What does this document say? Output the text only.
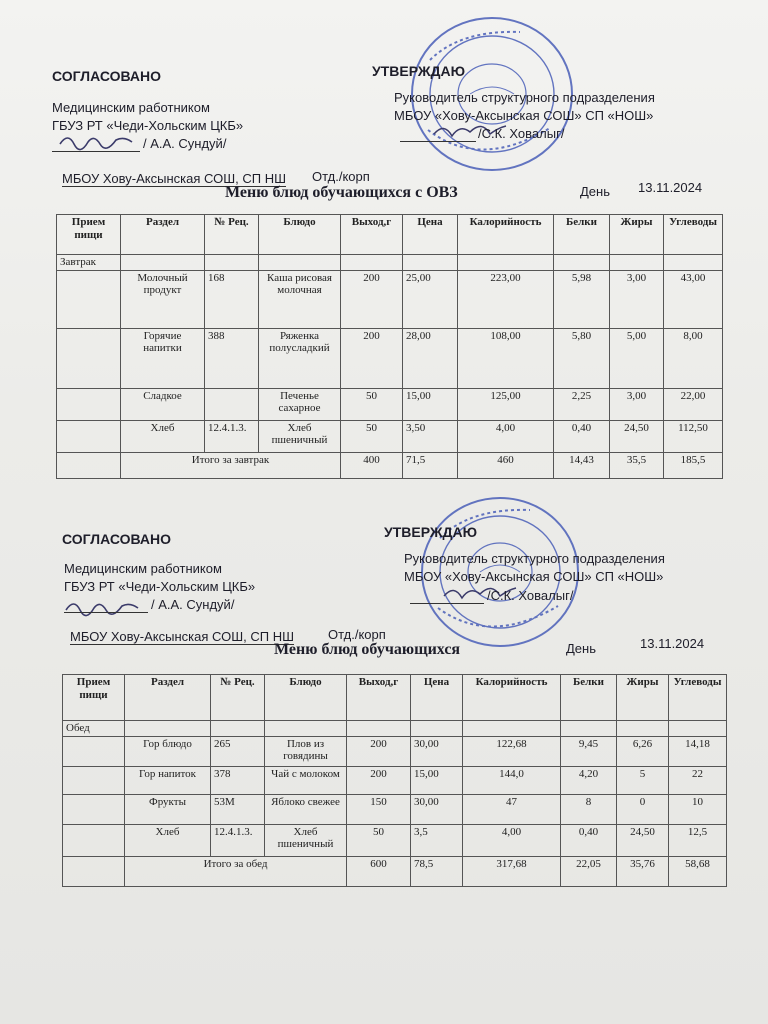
СОГЛАСОВАНО	УТВЕРЖДАЮ
Медицинским работником
ГБУЗ РТ «Чеди-Хольским ЦКБ»
/ А.А. Сундуй/
Руководитель структурного подразделения
МБОУ «Хову-Аксынская СОШ» СП «НОШ»
/С.К. Ховалыг/
МБОУ Хову-Аксынская СОШ, СП НШ Отд./корп
Меню блюд обучающихся с ОВЗ	День 13.11.2024
Прием пищи	Раздел	№ Рец.	Блюдо	Выход,г	Цена	Калорийность	Белки	Жиры	Углеводы
Завтрак									
	Молочный продукт	168	Каша рисовая молочная	200	25,00	223,00	5,98	3,00	43,00
	Горячие напитки	388	Ряженка полусладкий	200	28,00	108,00	5,80	5,00	8,00
	Сладкое		Печенье сахарное	50	15,00	125,00	2,25	3,00	22,00
	Хлеб	12.4.1.3.	Хлеб пшеничный	50	3,50	4,00	0,40	24,50	112,50
	Итого за завтрак			400	71,5	460	14,43	35,5	185,5
СОГЛАСОВАНО	УТВЕРЖДАЮ
Медицинским работником
ГБУЗ РТ «Чеди-Хольским ЦКБ»
/ А.А. Сундуй/
Руководитель структурного подразделения
МБОУ «Хову-Аксынская СОШ» СП «НОШ»
/С.К. Ховалыг/
МБОУ Хову-Аксынская СОШ, СП НШ	Отд./корп
Меню блюд обучающихся	День	13.11.2024
Прием пищи	Раздел	№ Рец.	Блюдо	Выход,г	Цена	Калорийность	Белки	Жиры	Углеводы
Обед									
	Гор блюдо	265	Плов из говядины	200	30,00	122,68	9,45	6,26	14,18
	Гор напиток	378	Чай с молоком	200	15,00	144,0	4,20	5	22
	Фрукты	53М	Яблоко свежее	150	30,00	47	8	0	10
	Хлеб	12.4.1.3.	Хлеб пшеничный	50	3,5	4,00	0,40	24,50	12,5
	Итого за обед			600	78,5	317,68	22,05	35,76	58,68
